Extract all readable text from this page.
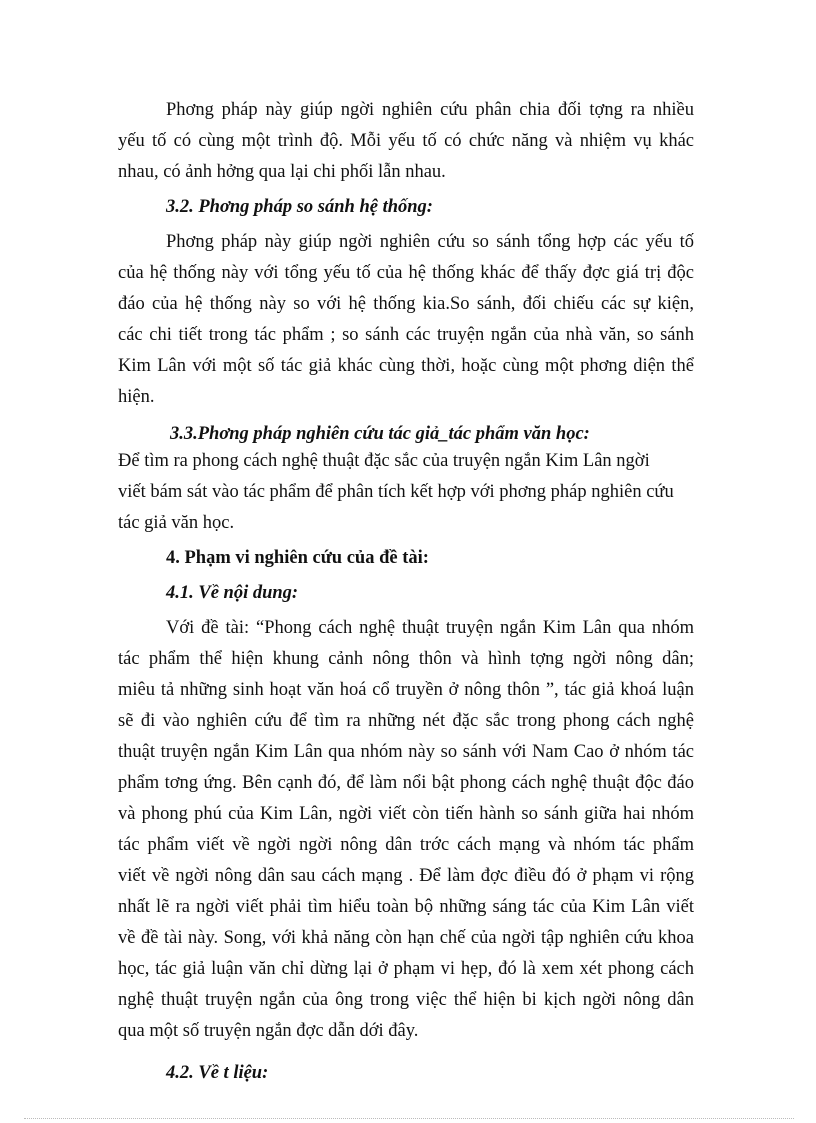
Phơng pháp này giúp ngời nghiên cứu phân chia đối tợng ra nhiều

yếu tố có cùng một trình độ. Mỗi yếu tố có chức năng và nhiệm vụ khác

nhau, có ảnh hởng qua lại chi phối lẫn nhau.

3.2. Phơng pháp so sánh hệ thống:

Phơng pháp này giúp ngời nghiên cứu so sánh tổng hợp các yếu tố

của hệ thống này với tổng yếu tố của hệ thống khác để thấy đợc giá trị độc

đáo của hệ thống này so với hệ thống kia.So sánh, đối chiếu các sự kiện,

các chi tiết trong tác phẩm ; so sánh các truyện ngắn của nhà văn, so sánh

Kim Lân với một số tác giả khác cùng thời, hoặc cùng một phơng diện thể

hiện.

3.3.Phơng pháp nghiên cứu tác giả_tác phẩm văn học:

Để tìm ra phong cách nghệ thuật đặc sắc của truyện ngắn Kim Lân ngời

viết bám sát vào tác phẩm để phân tích kết hợp với phơng pháp nghiên cứu

tác giả văn học.

4. Phạm vi nghiên cứu của đề tài:

4.1. Về nội dung:

Với đề tài: “Phong cách nghệ thuật truyện ngắn Kim Lân qua nhóm

tác phẩm thể hiện khung cảnh nông thôn và hình tợng ngời nông dân;

miêu tả những sinh hoạt văn hoá cổ truyền ở nông thôn ”, tác giả khoá luận

sẽ đi vào nghiên cứu để tìm ra những nét đặc sắc trong phong cách nghệ

thuật truyện ngắn Kim Lân qua nhóm này so sánh với Nam Cao ở nhóm tác

phẩm tơng ứng. Bên cạnh đó, để làm nổi bật phong cách nghệ thuật độc đáo

và phong phú của Kim Lân, ngời viết còn tiến hành so sánh giữa hai nhóm

tác phẩm viết về ngời ngời nông dân trớc cách mạng và nhóm tác phẩm

viết về ngời nông dân sau cách mạng . Để làm đợc điều đó ở phạm vi rộng

nhất lẽ ra ngời viết phải tìm hiểu toàn bộ những sáng tác của Kim Lân viết

về đề tài này. Song, với khả năng còn hạn chế của ngời tập nghiên cứu khoa

học, tác giả luận văn chỉ dừng lại ở phạm vi hẹp, đó là xem xét phong cách

nghệ thuật truyện ngắn của ông trong việc thể hiện bi kịch ngời nông dân

qua một số truyện ngắn đợc dẫn dới đây.

4.2. Về t liệu:
